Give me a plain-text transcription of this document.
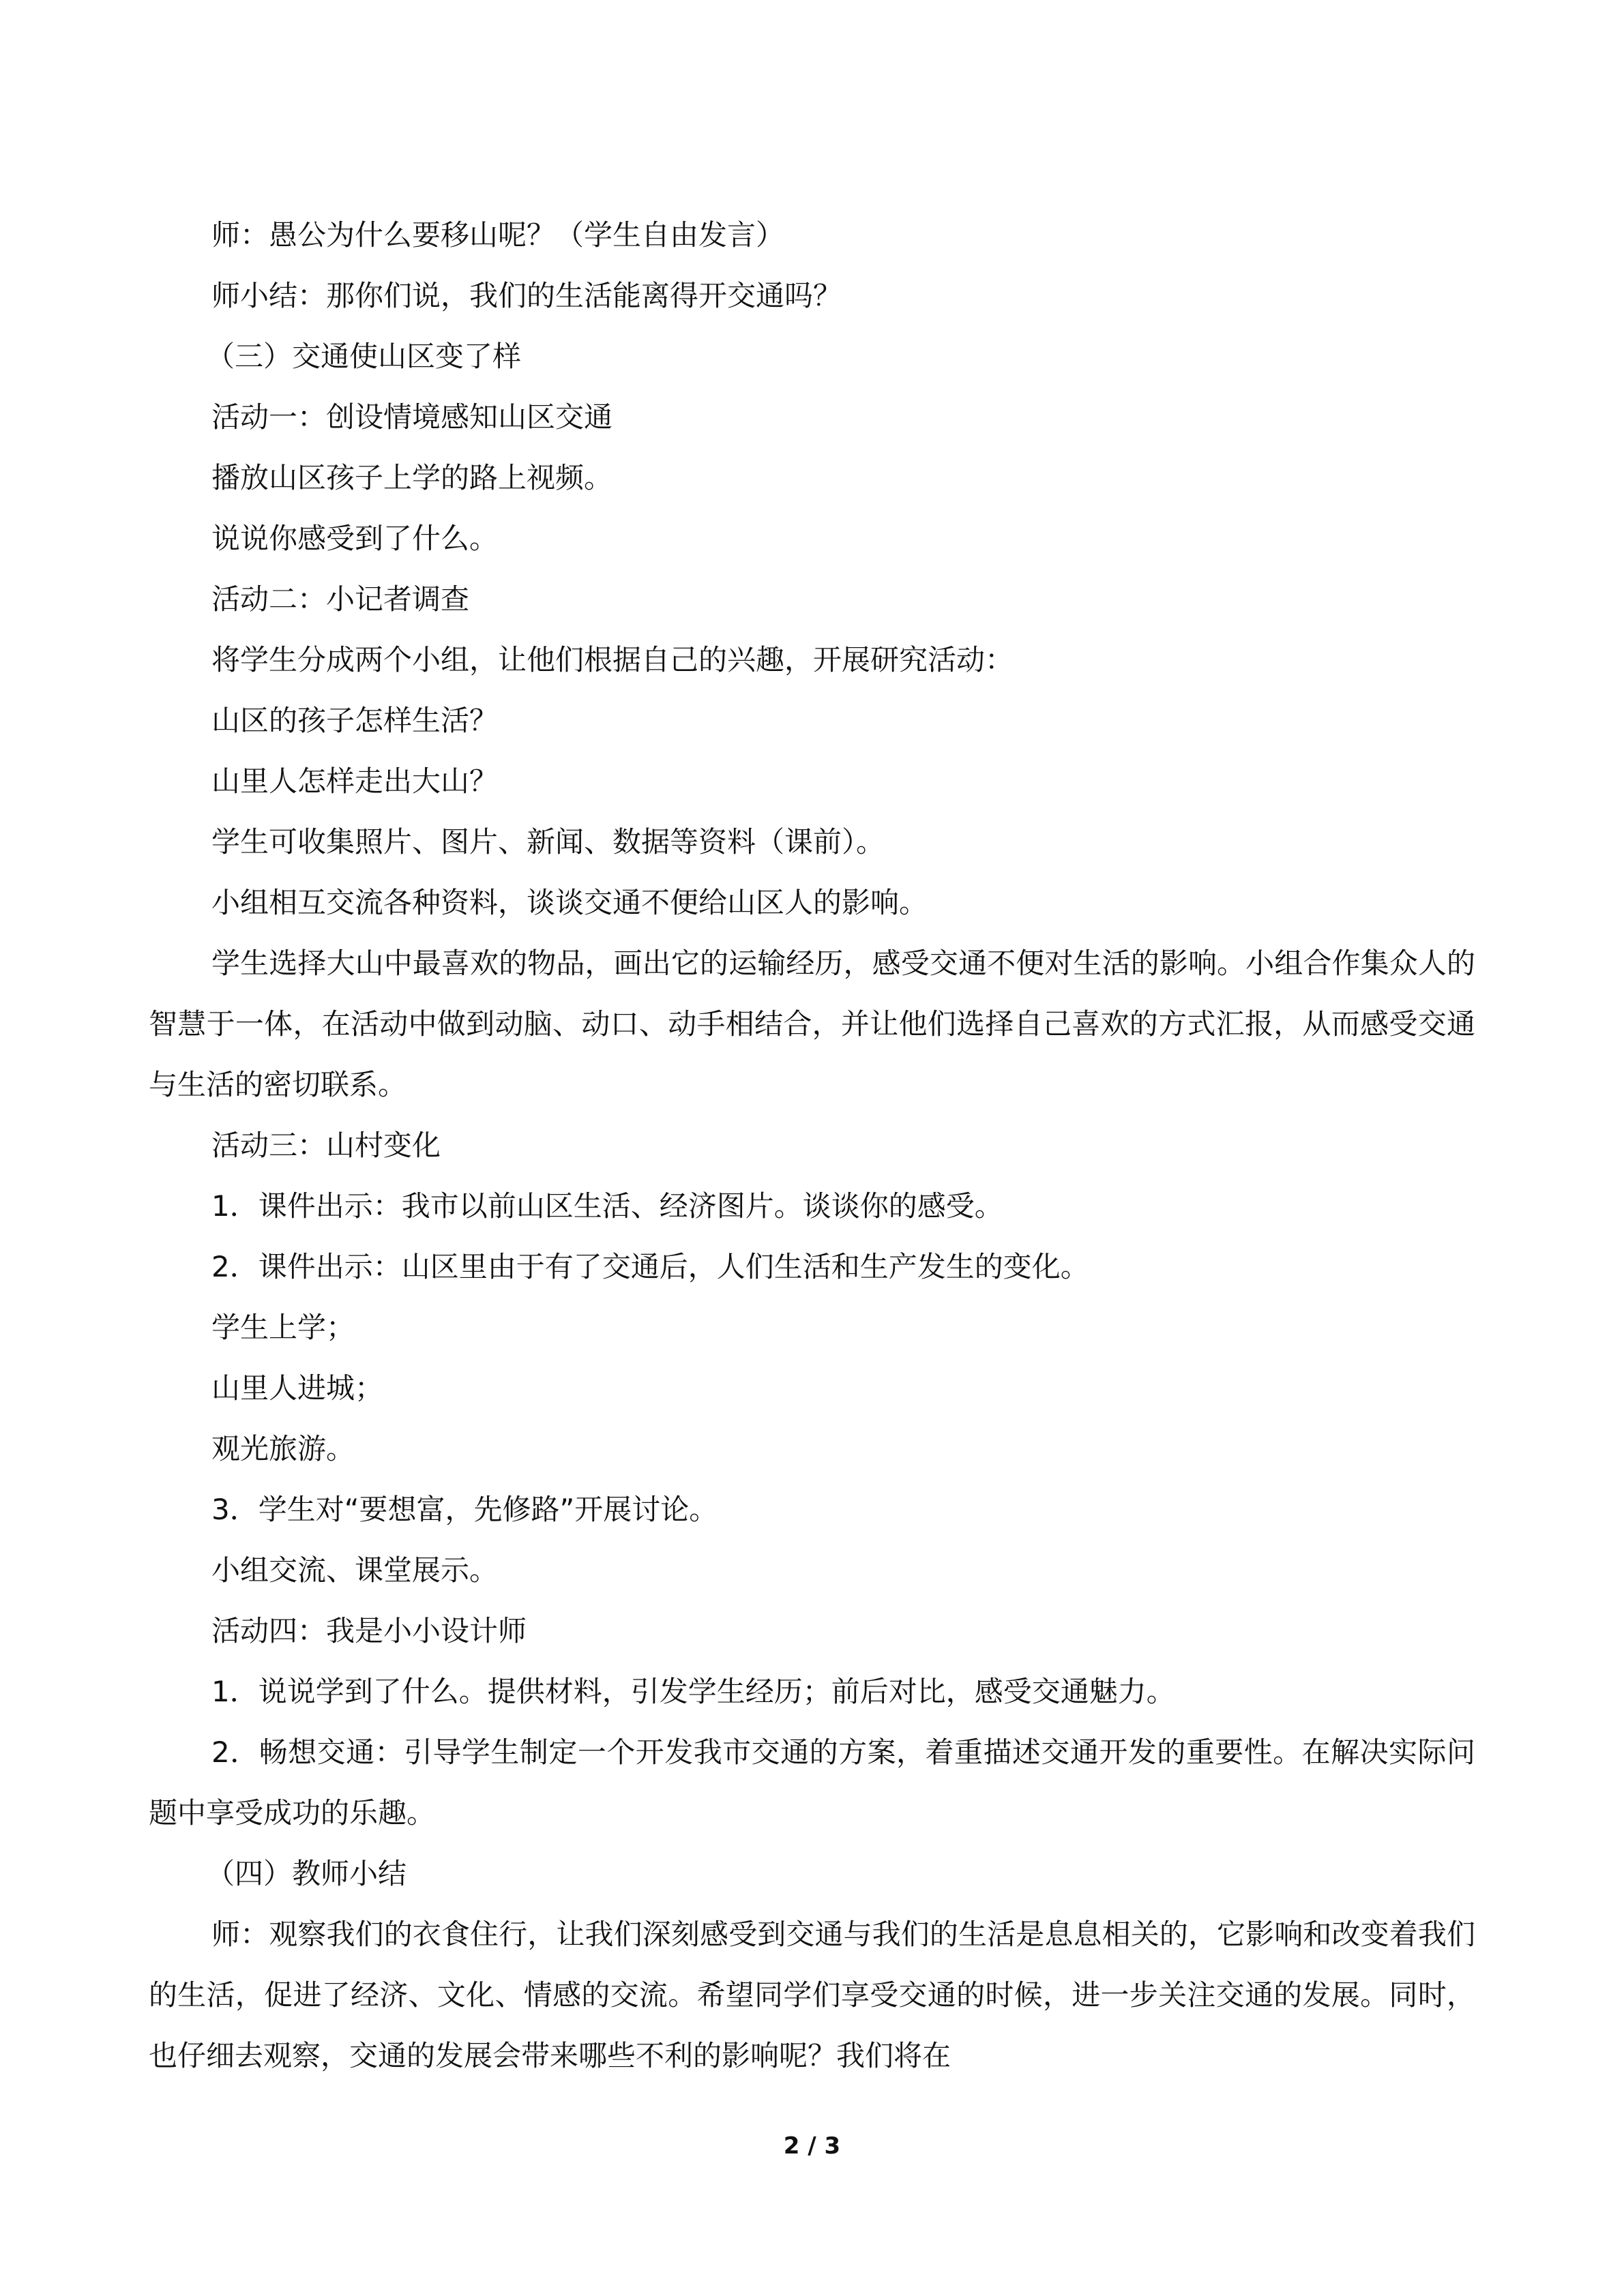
师：愚公为什么要移山呢？（学生自由发言）

师小结：那你们说，我们的生活能离得开交通吗？

（三）交通使山区变了样

活动一：创设情境感知山区交通

播放山区孩子上学的路上视频。

说说你感受到了什么。

活动二：小记者调查

将学生分成两个小组，让他们根据自己的兴趣，开展研究活动：

山区的孩子怎样生活？

山里人怎样走出大山？

学生可收集照片、图片、新闻、数据等资料（课前）。

小组相互交流各种资料，谈谈交通不便给山区人的影响。

学生选择大山中最喜欢的物品，画出它的运输经历，感受交通不便对生活的影响。小组合作集众人的智慧于一体，在活动中做到动脑、动口、动手相结合，并让他们选择自己喜欢的方式汇报，从而感受交通与生活的密切联系。

活动三：山村变化

1．课件出示：我市以前山区生活、经济图片。谈谈你的感受。

2．课件出示：山区里由于有了交通后，人们生活和生产发生的变化。

学生上学；

山里人进城；

观光旅游。

3．学生对“要想富，先修路”开展讨论。

小组交流、课堂展示。

活动四：我是小小设计师

1．说说学到了什么。提供材料，引发学生经历；前后对比，感受交通魅力。

2．畅想交通：引导学生制定一个开发我市交通的方案，着重描述交通开发的重要性。在解决实际问题中享受成功的乐趣。

（四）教师小结

师：观察我们的衣食住行，让我们深刻感受到交通与我们的生活是息息相关的，它影响和改变着我们的生活，促进了经济、文化、情感的交流。希望同学们享受交通的时候，进一步关注交通的发展。同时，也仔细去观察，交通的发展会带来哪些不利的影响呢？我们将在

2 / 3
